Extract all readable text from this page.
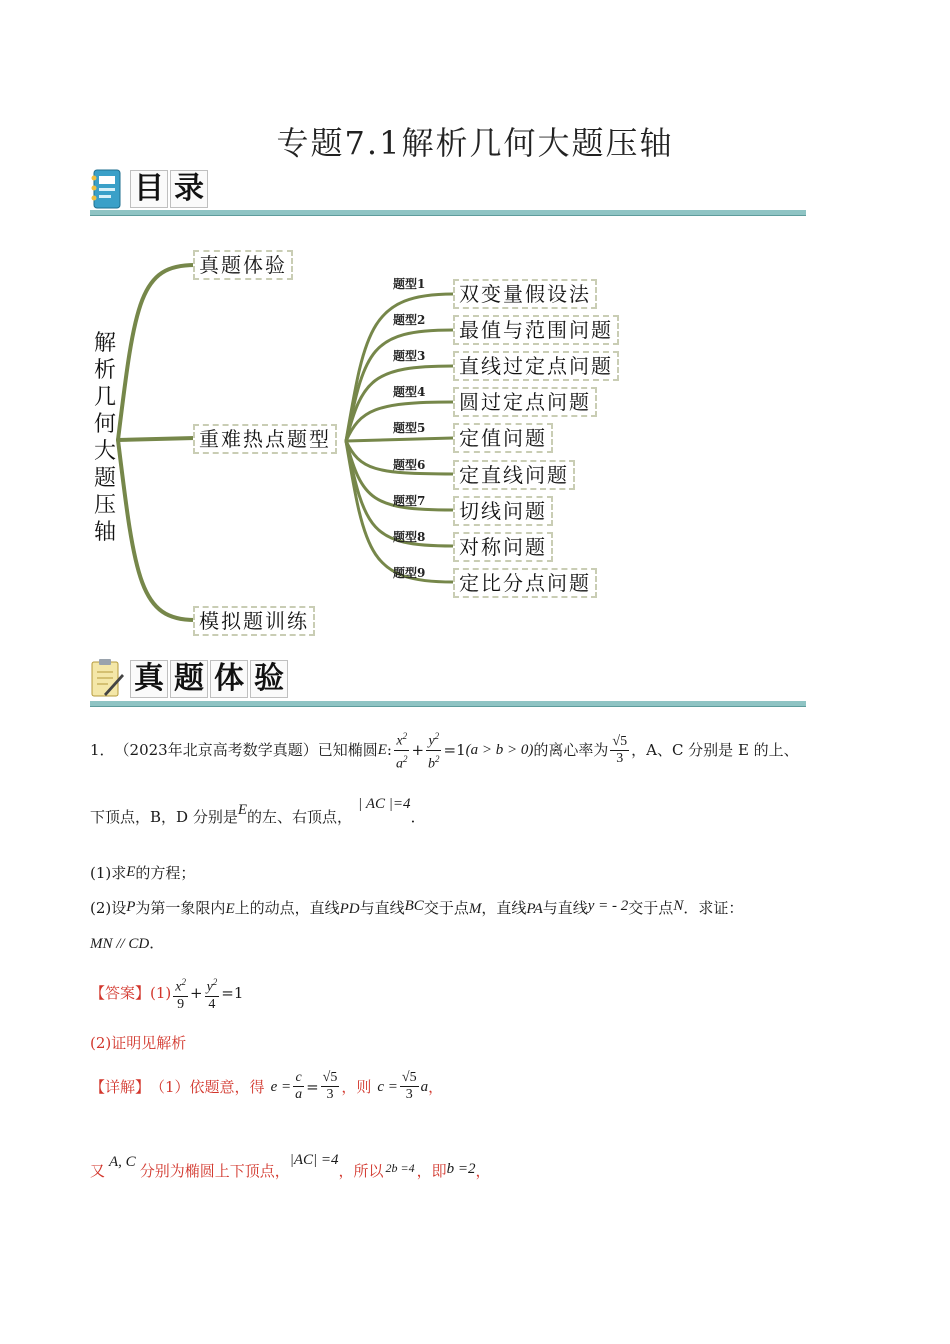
专题7.1解析几何大题压轴
目 录
解析几何大题压轴
真题体验
重难热点题型
模拟题训练
题型1	双变量假设法
题型2	最值与范围问题
题型3	直线过定点问题
题型4	圆过定点问题
题型5	定值问题
题型6	定直线问题
题型7	切线问题
题型8	对称问题
题型9	定比分点问题
真 题 体 验
1． （2023年北京高考数学真题）已知椭圆 E : $\frac{x^2}{a^2} + \frac{y^2}{b^2} =1$ (a > b > 0) 的离心率为 $\frac{√5}{3}$ ，A、C 分别是 E 的上、
下顶点，B，D 分别是E的左、右顶点，| AC |=4．
(1)求E的方程；
(2)设P为第一象限内E上的动点，直线PD与直线BC交于点M，直线PA与直线y = - 2交于点N．求证：
MN // CD．
【答案】 $(1) \frac{x^2}{9} + \frac{y^2}{4} =1$
(2)证明见解析
【详解】 （1）依题意，得 $e = \frac{c}{a} = \frac{√5}{3}$ ，则 $c = \frac{√5}{3}$ a ，
又 A, C 分别为椭圆上下顶点，|AC| =4，所以 $^{2b =4}$ ，即b =2，
